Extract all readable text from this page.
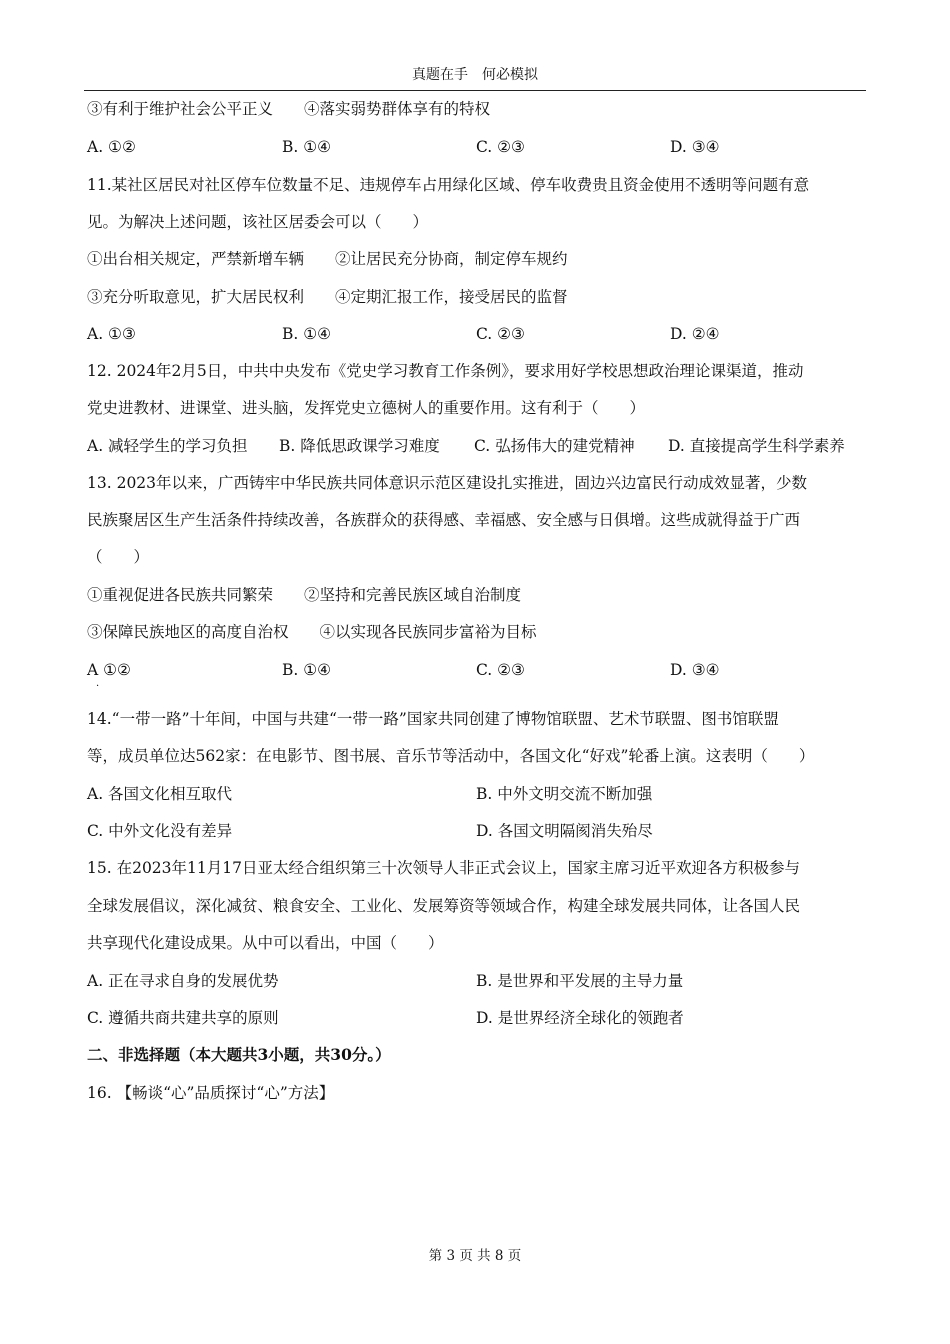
真题在手　何必模拟
③有利于维护社会公平正义　　④落实弱势群体享有的特权
A. ①②	B. ①④	C. ②③	D. ③④
11.某社区居民对社区停车位数量不足、违规停车占用绿化区域、停车收费贵且资金使用不透明等问题有意
见。为解决上述问题，该社区居委会可以（　　）
①出台相关规定，严禁新增车辆　　②让居民充分协商，制定停车规约
③充分听取意见，扩大居民权利　　④定期汇报工作，接受居民的监督
A. ①③	B. ①④	C. ②③	D. ②④
12. 2024年2月5日，中共中央发布《党史学习教育工作条例》，要求用好学校思想政治理论课渠道，推动
党史进教材、进课堂、进头脑，发挥党史立德树人的重要作用。这有利于（　　）
A. 减轻学生的学习负担 B. 降低思政课学习难度 C. 弘扬伟大的建党精神 D. 直接提高学生科学素养
13. 2023年以来，广西铸牢中华民族共同体意识示范区建设扎实推进，固边兴边富民行动成效显著，少数
民族聚居区生产生活条件持续改善，各族群众的获得感、幸福感、安全感与日俱增。这些成就得益于广西
（　　）
①重视促进各民族共同繁荣　　②坚持和完善民族区域自治制度
③保障民族地区的高度自治权　　④以实现各民族同步富裕为目标
A ①②	B. ①④	C. ②③	D. ③④
·
14.“一带一路”十年间，中国与共建“一带一路”国家共同创建了博物馆联盟、艺术节联盟、图书馆联盟
等，成员单位达562家：在电影节、图书展、音乐节等活动中，各国文化“好戏”轮番上演。这表明（　　）
A. 各国文化相互取代	B. 中外文明交流不断加强
C. 中外文化没有差异	D. 各国文明隔阂消失殆尽
15. 在2023年11月17日亚太经合组织第三十次领导人非正式会议上，国家主席习近平欢迎各方积极参与
全球发展倡议，深化减贫、粮食安全、工业化、发展筹资等领域合作，构建全球发展共同体，让各国人民
共享现代化建设成果。从中可以看出，中国（　　）
A. 正在寻求自身的发展优势	B. 是世界和平发展的主导力量
C. 遵循共商共建共享的原则	D. 是世界经济全球化的领跑者
二、非选择题（本大题共3小题，共30分。）
16. 【畅谈“心”品质探讨“心”方法】
第 3 页 共 8 页
